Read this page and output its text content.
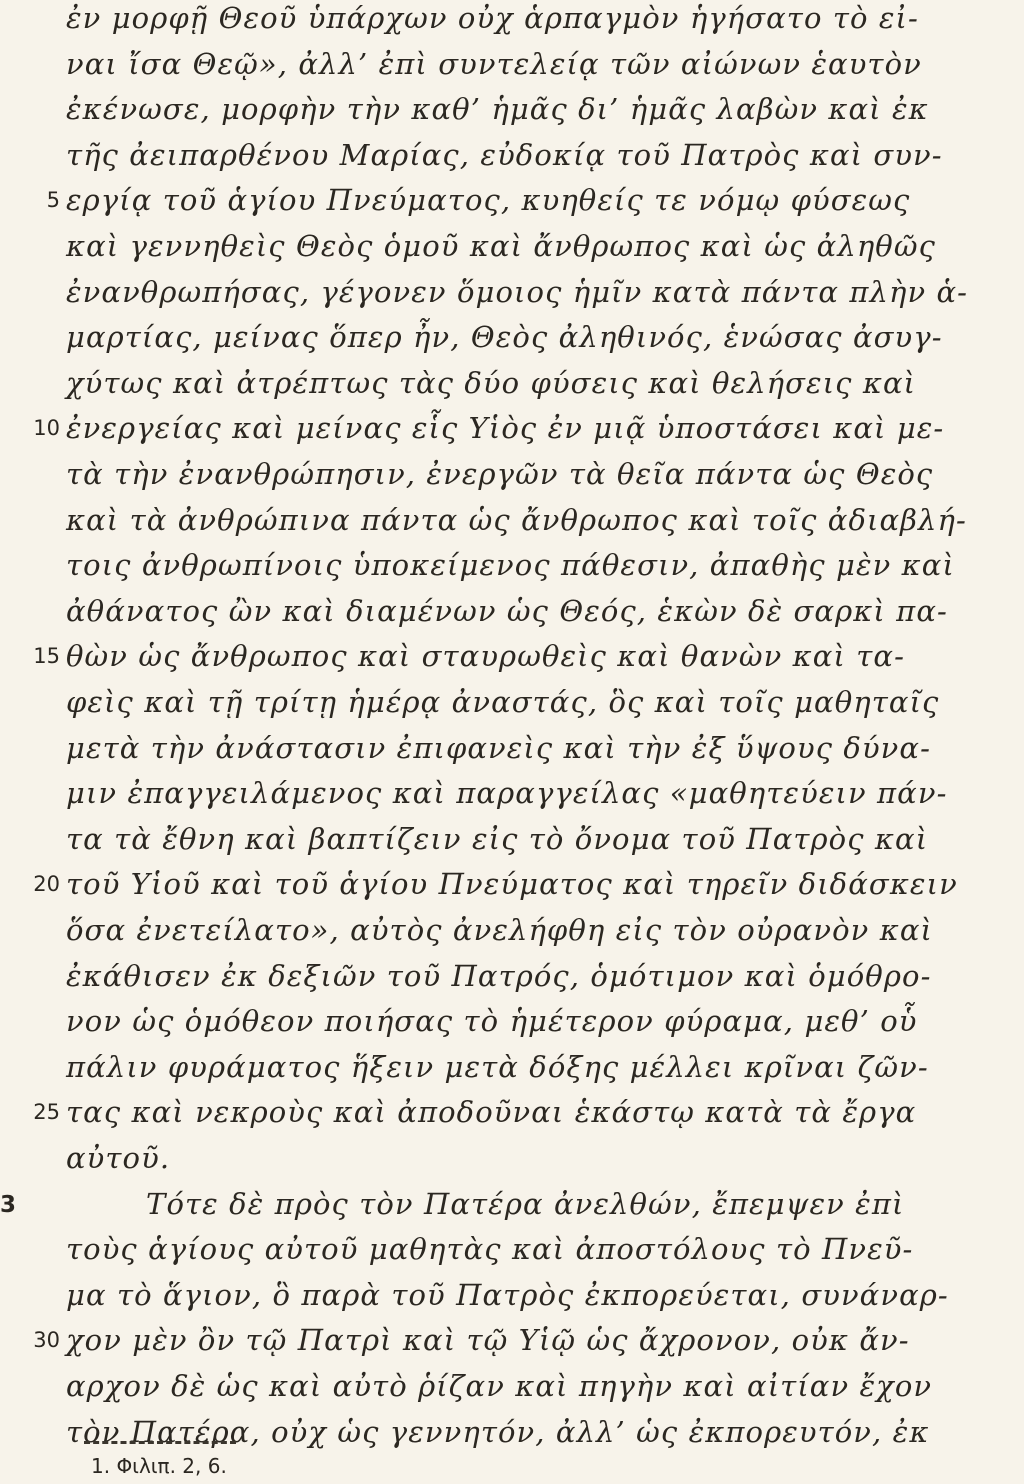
ἐν μορφῇ Θεοῦ ὑπάρχων οὐχ ἁρπαγμὸν ἡγήσατο τὸ εἰ-
ναι ἴσα Θεῷ», ἀλλ’ ἐπὶ συντελείᾳ τῶν αἰώνων ἑαυτὸν
ἐκένωσε, μορφὴν τὴν καθ’ ἡμᾶς δι’ ἡμᾶς λαβὼν καὶ ἐκ
τῆς ἀειπαρθένου Μαρίας, εὐδοκίᾳ τοῦ Πατρὸς καὶ συν-
εργίᾳ τοῦ ἁγίου Πνεύματος, κυηθείς τε νόμῳ φύσεως
5
καὶ γεννηθεὶς Θεὸς ὁμοῦ καὶ ἄνθρωπος καὶ ὡς ἀληθῶς
ἐνανθρωπήσας, γέγονεν ὅμοιος ἡμῖν κατὰ πάντα πλὴν ἁ-
μαρτίας, μείνας ὅπερ ἦν, Θεὸς ἀληθινός, ἑνώσας ἀσυγ-
χύτως καὶ ἀτρέπτως τὰς δύο φύσεις καὶ θελήσεις καὶ
ἐνεργείας καὶ μείνας εἷς Υἱὸς ἐν μιᾷ ὑποστάσει καὶ με-
10
τὰ τὴν ἐνανθρώπησιν, ἐνεργῶν τὰ θεῖα πάντα ὡς Θεὸς
καὶ τὰ ἀνθρώπινα πάντα ὡς ἄνθρωπος καὶ τοῖς ἀδιαβλή-
τοις ἀνθρωπίνοις ὑποκείμενος πάθεσιν, ἀπαθὴς μὲν καὶ
ἀθάνατος ὢν καὶ διαμένων ὡς Θεός, ἑκὼν δὲ σαρκὶ πα-
θὼν ὡς ἄνθρωπος καὶ σταυρωθεὶς καὶ θανὼν καὶ τα-
15
φεὶς καὶ τῇ τρίτῃ ἡμέρᾳ ἀναστάς, ὃς καὶ τοῖς μαθηταῖς
μετὰ τὴν ἀνάστασιν ἐπιφανεὶς καὶ τὴν ἐξ ὕψους δύνα-
μιν ἐπαγγειλάμενος καὶ παραγγείλας «μαθητεύειν πάν-
τα τὰ ἔθνη καὶ βαπτίζειν εἰς τὸ ὄνομα τοῦ Πατρὸς καὶ
τοῦ Υἱοῦ καὶ τοῦ ἁγίου Πνεύματος καὶ τηρεῖν διδάσκειν
20
ὅσα ἐνετείλατο», αὐτὸς ἀνελήφθη εἰς τὸν οὐρανὸν καὶ
ἐκάθισεν ἐκ δεξιῶν τοῦ Πατρός, ὁμότιμον καὶ ὁμόθρο-
νον ὡς ὁμόθεον ποιήσας τὸ ἡμέτερον φύραμα, μεθ’ οὗ
πάλιν φυράματος ἥξειν μετὰ δόξης μέλλει κρῖναι ζῶν-
τας καὶ νεκροὺς καὶ ἀποδοῦναι ἑκάστῳ κατὰ τὰ ἔργα
25
αὐτοῦ.
Τότε δὲ πρὸς τὸν Πατέρα ἀνελθών, ἔπεμψεν ἐπὶ
3
τοὺς ἁγίους αὐτοῦ μαθητὰς καὶ ἀποστόλους τὸ Πνεῦ-
μα τὸ ἅγιον, ὃ παρὰ τοῦ Πατρὸς ἐκπορεύεται, συνάναρ-
χον μὲν ὂν τῷ Πατρὶ καὶ τῷ Υἱῷ ὡς ἄχρονον, οὐκ ἄν-
30
αρχον δὲ ὡς καὶ αὐτὸ ῥίζαν καὶ πηγὴν καὶ αἰτίαν ἔχον
τὸν Πατέρα, οὐχ ὡς γεννητόν, ἀλλ’ ὡς ἐκπορευτόν, ἐκ
1. Φιλιπ. 2, 6.
